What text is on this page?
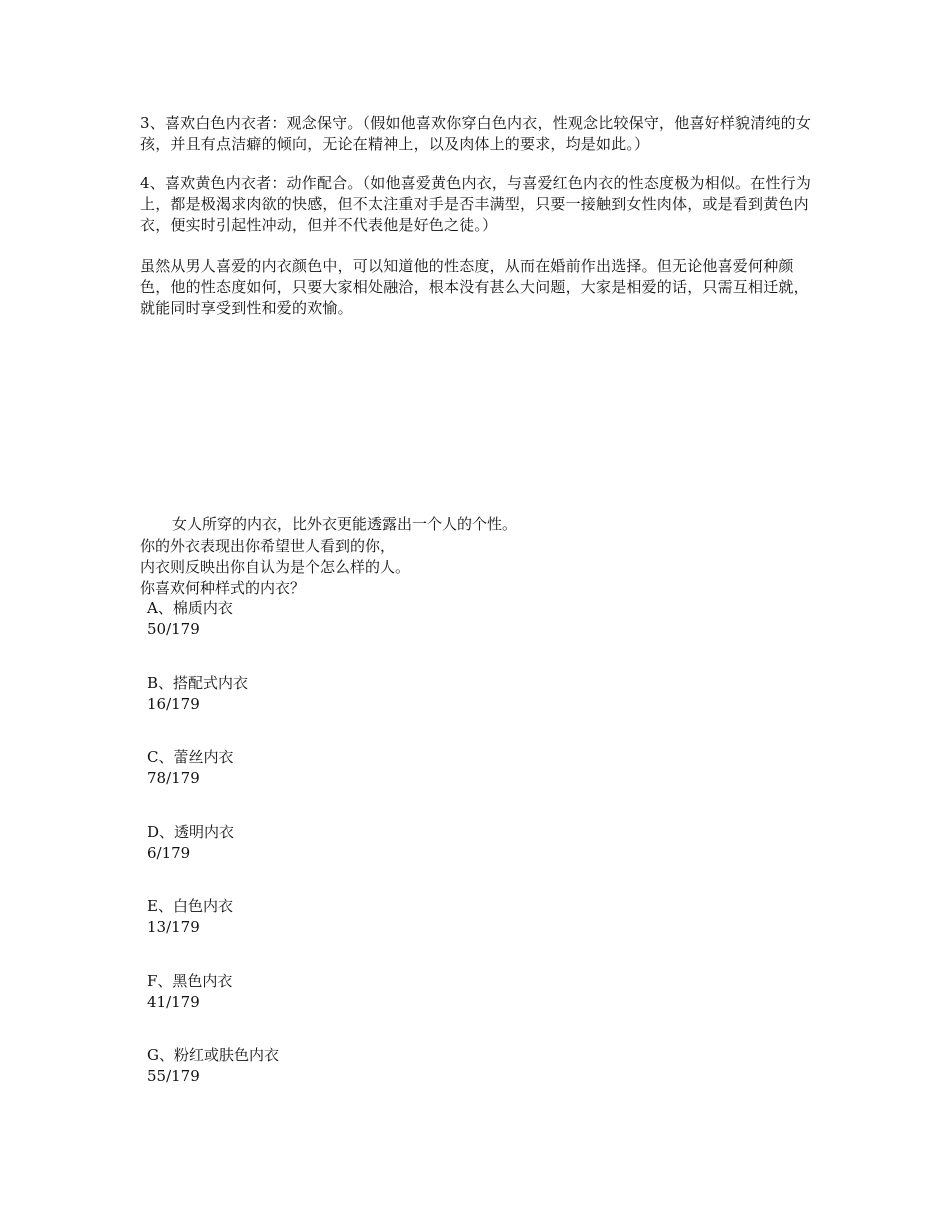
3、喜欢白色内衣者：观念保守。（假如他喜欢你穿白色内衣，性观念比较保守，他喜好样貌清纯的女孩，并且有点洁癖的倾向，无论在精神上，以及肉体上的要求，均是如此。）

4、喜欢黄色内衣者：动作配合。（如他喜爱黄色内衣，与喜爱红色内衣的性态度极为相似。在性行为上，都是极渴求肉欲的快感，但不太注重对手是否丰满型，只要一接触到女性肉体，或是看到黄色内衣，便实时引起性冲动，但并不代表他是好色之徒。）

虽然从男人喜爱的内衣颜色中，可以知道他的性态度，从而在婚前作出选择。但无论他喜爱何种颜色，他的性态度如何，只要大家相处融洽，根本没有甚么大问题，大家是相爱的话，只需互相迁就，就能同时享受到性和爱的欢愉。

女人所穿的内衣，比外衣更能透露出一个人的个性。

你的外衣表现出你希望世人看到的你，

内衣则反映出你自认为是个怎么样的人。

你喜欢何种样式的内衣？

A、棉质内衣
50/179
B、搭配式内衣
16/179
C、蕾丝内衣
78/179
D、透明内衣
6/179
E、白色内衣
13/179
F、黑色内衣
41/179
G、粉红或肤色内衣
55/179
